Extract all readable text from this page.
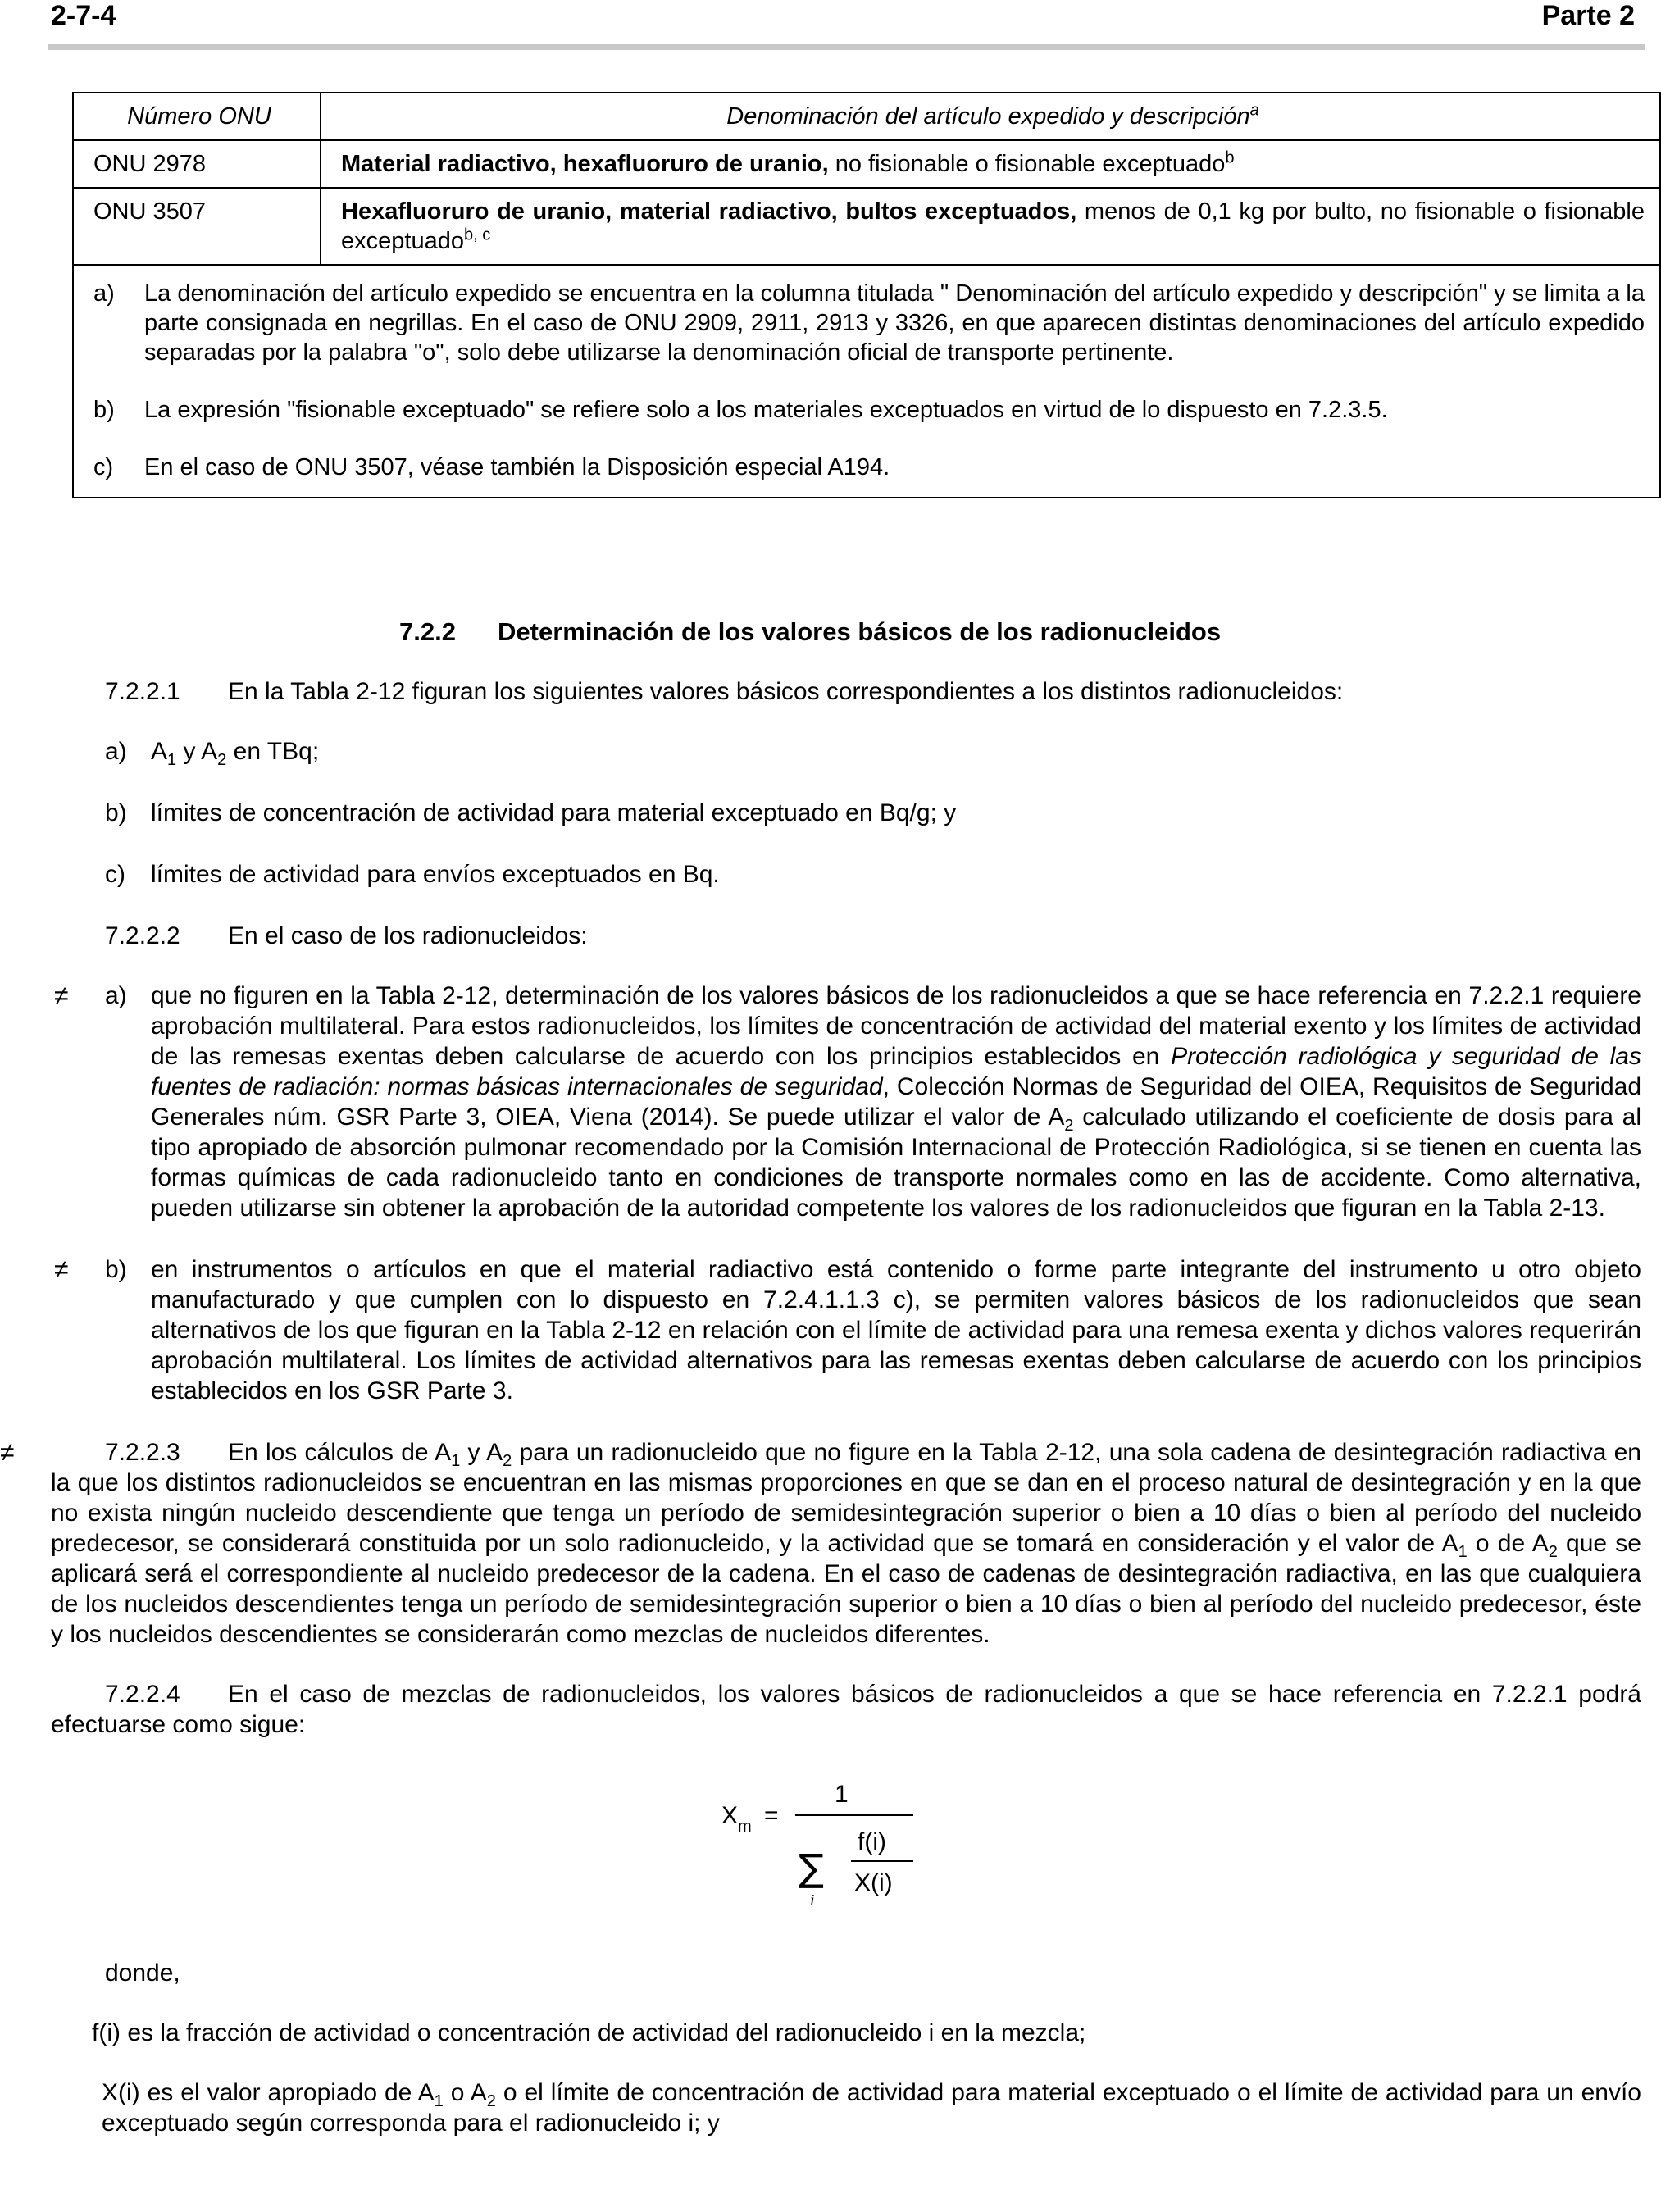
2-7-4	Parte 2
Número ONU	Denominación del artículo expedido y descripción$^a$
ONU 2978	Material radiactivo, hexafluoruro de uranio, no fisionable o fisionable exceptuado$^b$
ONU 3507	Hexafluoruro de uranio, material radiactivo, bultos exceptuados, menos de 0,1 kg por bulto, no fisionable o fisionable exceptuado$^{b, c}$
a)	La denominación del artículo expedido se encuentra en la columna titulada " Denominación del artículo expedido y descripción" y se limita a la parte consignada en negrillas. En el caso de ONU 2909, 2911, 2913 y 3326, en que aparecen distintas denominaciones del artículo expedido separadas por la palabra "o", solo debe utilizarse la denominación oficial de transporte pertinente.
b)	La expresión "fisionable exceptuado" se refiere solo a los materiales exceptuados en virtud de lo dispuesto en 7.2.3.5.
c)	En el caso de ONU 3507, véase también la Disposición especial A194.
7.2.2 Determinación de los valores básicos de los radionucleidos
7.2.2.1 En la Tabla 2-12 figuran los siguientes valores básicos correspondientes a los distintos radionucleidos:
a) $A_1$ y $A_2$ en TBq;
b) límites de concentración de actividad para material exceptuado en Bq/g; y
c)	límites de actividad para envíos exceptuados en Bq.
7.2.2.2 En el caso de los radionucleidos:
≠ a) que no figuren en la Tabla 2-12, determinación de los valores básicos de los radionucleidos a que se hace referencia en 7.2.2.1 requiere aprobación multilateral. Para estos radionucleidos, los límites de concentración de actividad del material exento y los límites de actividad de las remesas exentas deben calcularse de acuerdo con los principios establecidos en Protección radiológica y seguridad de las fuentes de radiación: normas básicas internacionales de seguridad, Colección Normas de Seguridad del OIEA, Requisitos de Seguridad Generales núm. GSR Parte 3, OIEA, Viena (2014). Se puede utilizar el valor de $A_2$ calculado utilizando el coeficiente de dosis para al tipo apropiado de absorción pulmonar recomendado por la Comisión Internacional de Protección Radiológica, si se tienen en cuenta las formas químicas de cada radionucleido tanto en condiciones de transporte normales como en las de accidente. Como alternativa, pueden utilizarse sin obtener la aprobación de la autoridad competente los valores de los radionucleidos que figuran en la Tabla 2-13.
≠ b) en instrumentos o artículos en que el material radiactivo está contenido o forme parte integrante del instrumento u otro objeto manufacturado y que cumplen con lo dispuesto en 7.2.4.1.1.3 c), se permiten valores básicos de los radionucleidos que sean alternativos de los que figuran en la Tabla 2-12 en relación con el límite de actividad para una remesa exenta y dichos valores requerirán aprobación multilateral. Los límites de actividad alternativos para las remesas exentas deben calcularse de acuerdo con los principios establecidos en los GSR Parte 3.
≠	7.2.2.3 En los cálculos de $A_1$ y $A_2$ para un radionucleido que no figure en la Tabla 2-12, una sola cadena de desintegración radiactiva en la que los distintos radionucleidos se encuentran en las mismas proporciones en que se dan en el proceso natural de desintegración y en la que no exista ningún nucleido descendiente que tenga un período de semidesintegración superior o bien a 10 días o bien al período del nucleido predecesor, se considerará constituida por un solo radionucleido, y la actividad que se tomará en consideración y el valor de $A_1$ o de $A_2$ que se aplicará será el correspondiente al nucleido predecesor de la cadena. En el caso de cadenas de desintegración radiactiva, en las que cualquiera de los nucleidos descendientes tenga un período de semidesintegración superior o bien a 10 días o bien al período del nucleido predecesor, éste y los nucleidos descendientes se considerarán como mezclas de nucleidos diferentes.
7.2.2.4 En el caso de mezclas de radionucleidos, los valores básicos de radionucleidos a que se hace referencia en 7.2.2.1 podrá efectuarse como sigue:
X m =
1
∑
i
f(i)
X(i)
donde,
f(i) es la fracción de actividad o concentración de actividad del radionucleido i en la mezcla;
X(i) es el valor apropiado de $A_1$ o $A_2$ o el límite de concentración de actividad para material exceptuado o el límite de actividad para un envío exceptuado según corresponda para el radionucleido i; y
